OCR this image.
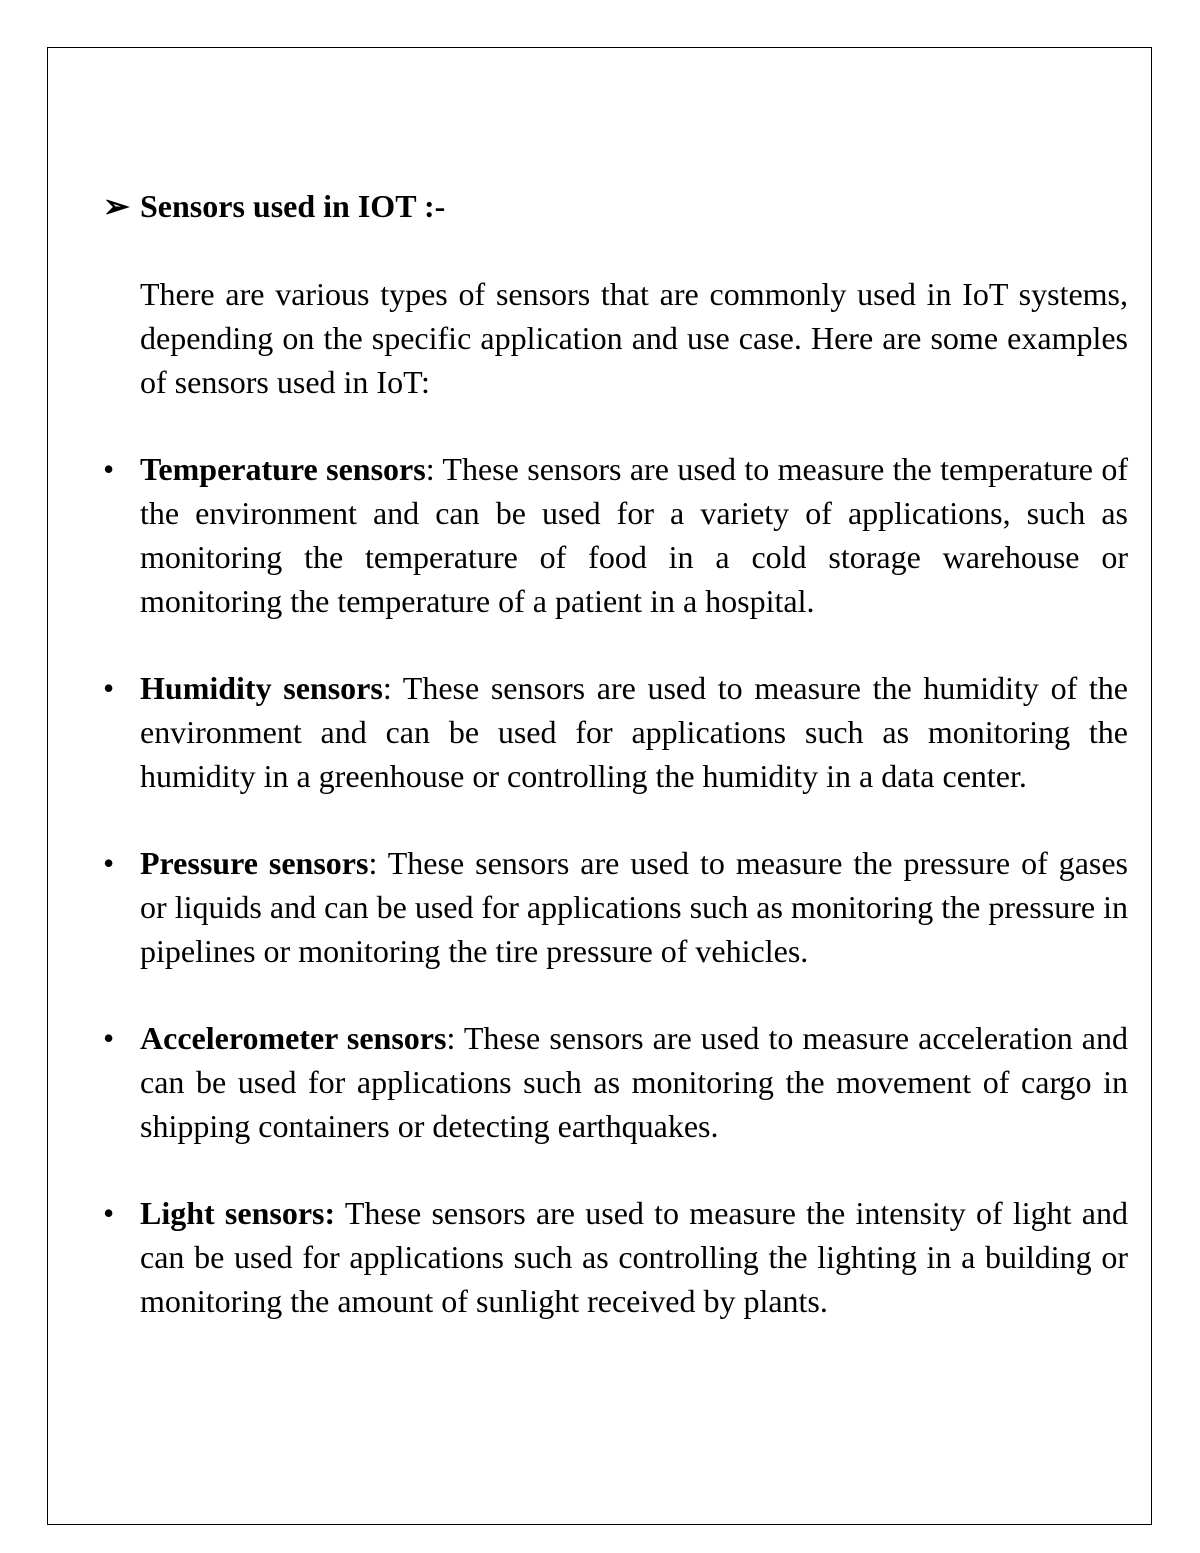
➢ Sensors used in IOT :-

There are various types of sensors that are commonly used in IoT systems, depending on the specific application and use case. Here are some examples of sensors used in IoT:

• Temperature sensors: These sensors are used to measure the temperature of the environment and can be used for a variety of applications, such as monitoring the temperature of food in a cold storage warehouse or monitoring the temperature of a patient in a hospital.
• Humidity sensors: These sensors are used to measure the humidity of the environment and can be used for applications such as monitoring the humidity in a greenhouse or controlling the humidity in a data center.
• Pressure sensors: These sensors are used to measure the pressure of gases or liquids and can be used for applications such as monitoring the pressure in pipelines or monitoring the tire pressure of vehicles.
• Accelerometer sensors: These sensors are used to measure acceleration and can be used for applications such as monitoring the movement of cargo in shipping containers or detecting earthquakes.
• Light sensors: These sensors are used to measure the intensity of light and can be used for applications such as controlling the lighting in a building or monitoring the amount of sunlight received by plants.
